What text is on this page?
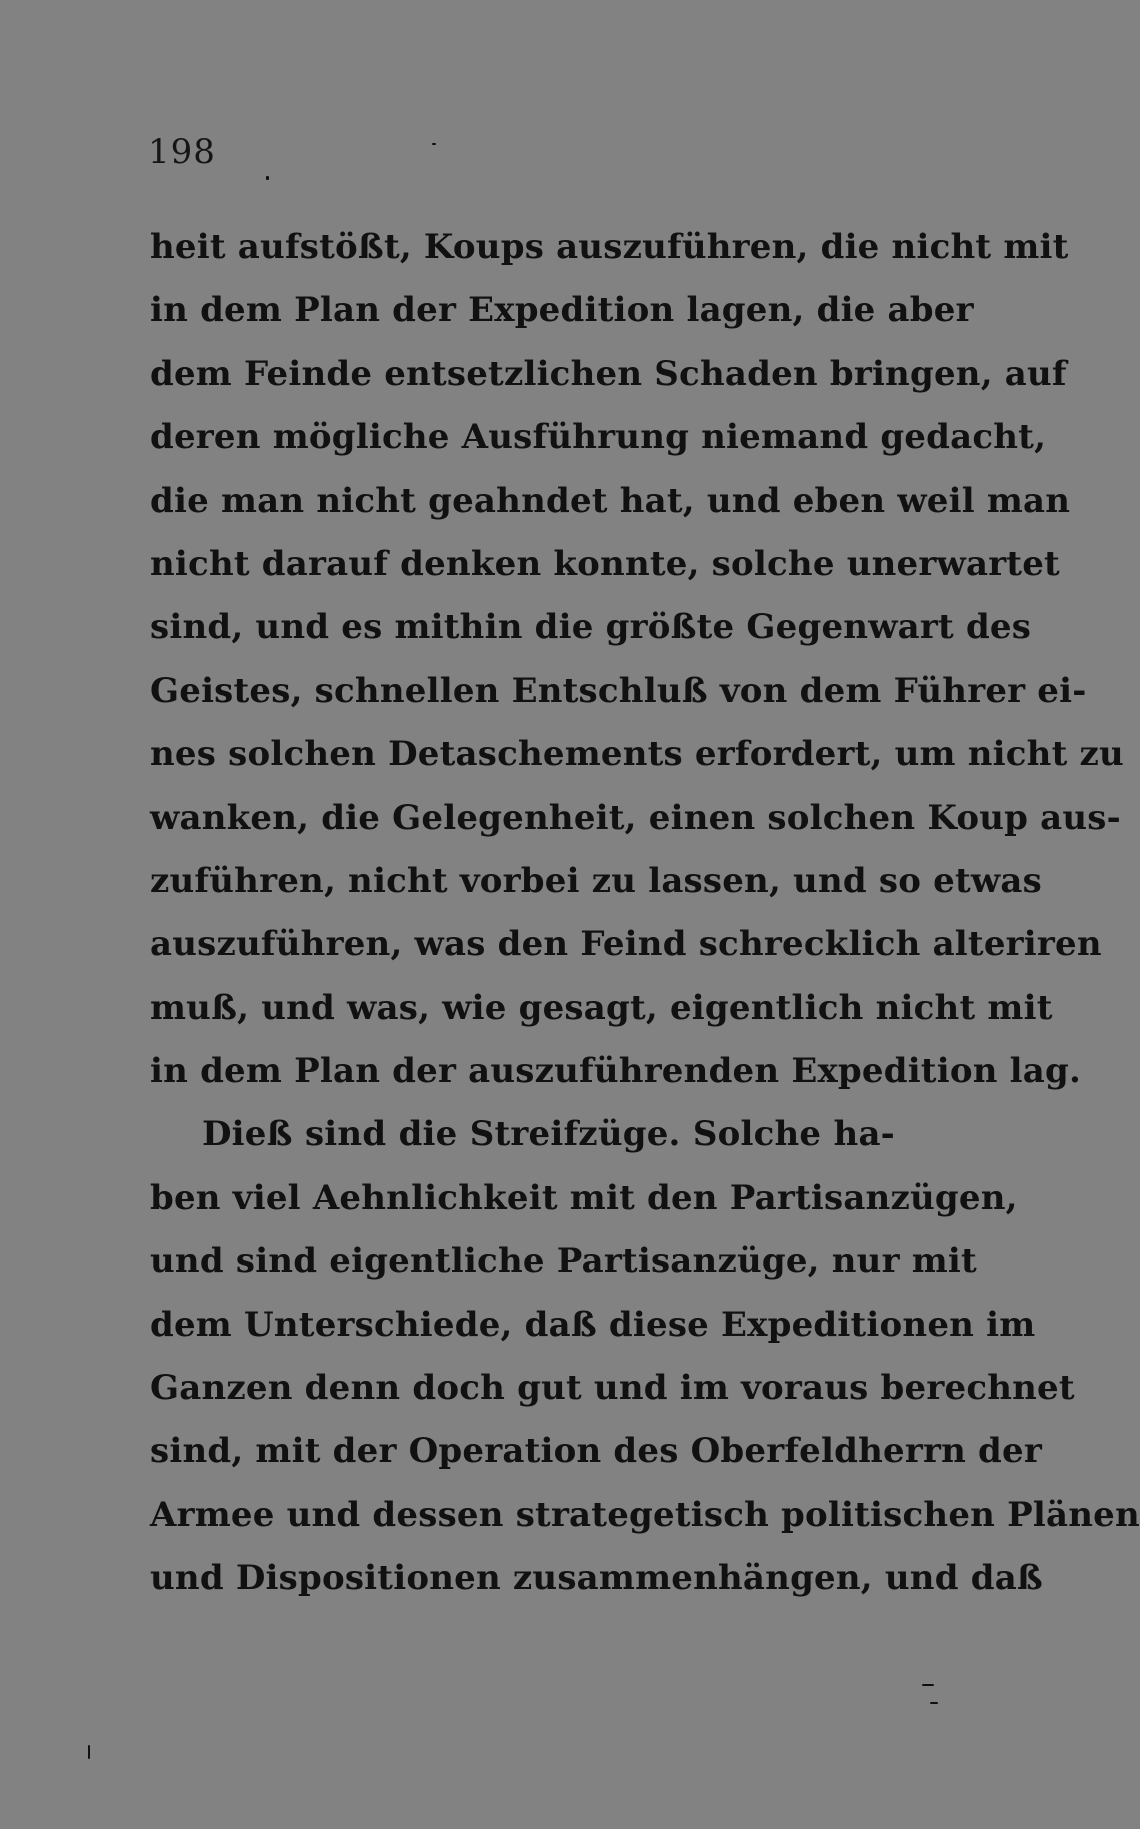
198
heit aufstößt, Koups auszuführen, die nicht mit
in dem Plan der Expedition lagen, die aber
dem Feinde entsetzlichen Schaden bringen, auf
deren mögliche Ausführung niemand gedacht,
die man nicht geahndet hat, und eben weil man
nicht darauf denken konnte, solche unerwartet
sind, und es mithin die größte Gegenwart des
Geistes, schnellen Entschluß von dem Führer ei-
nes solchen Detaschements erfordert, um nicht zu
wanken, die Gelegenheit, einen solchen Koup aus-
zuführen, nicht vorbei zu lassen, und so etwas
auszuführen, was den Feind schrecklich alteriren
muß, und was, wie gesagt, eigentlich nicht mit
in dem Plan der auszuführenden Expedition lag.
Dieß sind die Streifzüge. Solche ha-
ben viel Aehnlichkeit mit den Partisanzügen,
und sind eigentliche Partisanzüge, nur mit
dem Unterschiede, daß diese Expeditionen im
Ganzen denn doch gut und im voraus berechnet
sind, mit der Operation des Oberfeldherrn der
Armee und dessen strategetisch politischen Plänen
und Dispositionen zusammenhängen, und daß
